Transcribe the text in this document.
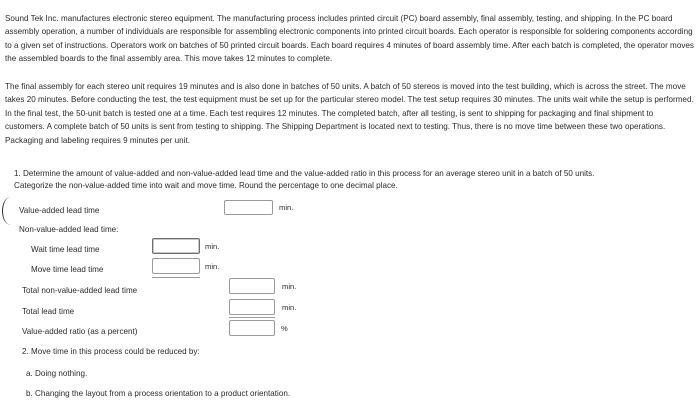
Sound Tek Inc. manufactures electronic stereo equipment. The manufacturing process includes printed circuit (PC) board assembly, final assembly, testing, and shipping. In the PC board assembly operation, a number of individuals are responsible for assembling electronic components into printed circuit boards. Each operator is responsible for soldering components according to a given set of instructions. Operators work on batches of 50 printed circuit boards. Each board requires 4 minutes of board assembly time. After each batch is completed, the operator moves the assembled boards to the final assembly area. This move takes 12 minutes to complete.

The final assembly for each stereo unit requires 19 minutes and is also done in batches of 50 units. A batch of 50 stereos is moved into the test building, which is across the street. The move takes 20 minutes. Before conducting the test, the test equipment must be set up for the particular stereo model. The test setup requires 30 minutes. The units wait while the setup is performed. In the final test, the 50-unit batch is tested one at a time. Each test requires 12 minutes. The completed batch, after all testing, is sent to shipping for packaging and final shipment to customers. A complete batch of 50 units is sent from testing to shipping. The Shipping Department is located next to testing. Thus, there is no move time between these two operations. Packaging and labeling requires 9 minutes per unit.

1. Determine the amount of value-added and non-value-added lead time and the value-added ratio in this process for an average stereo unit in a batch of 50 units.
Categorize the non-value-added time into wait and move time. Round the percentage to one decimal place.
Value-added lead time	min.
Non-value-added lead time:
Wait time lead time	min.
Move time lead time	min.
Total non-value-added lead time	min.
Total lead time	min.
Value-added ratio (as a percent)	%
2. Move time in this process could be reduced by:
a. Doing nothing.
b. Changing the layout from a process orientation to a product orientation.
